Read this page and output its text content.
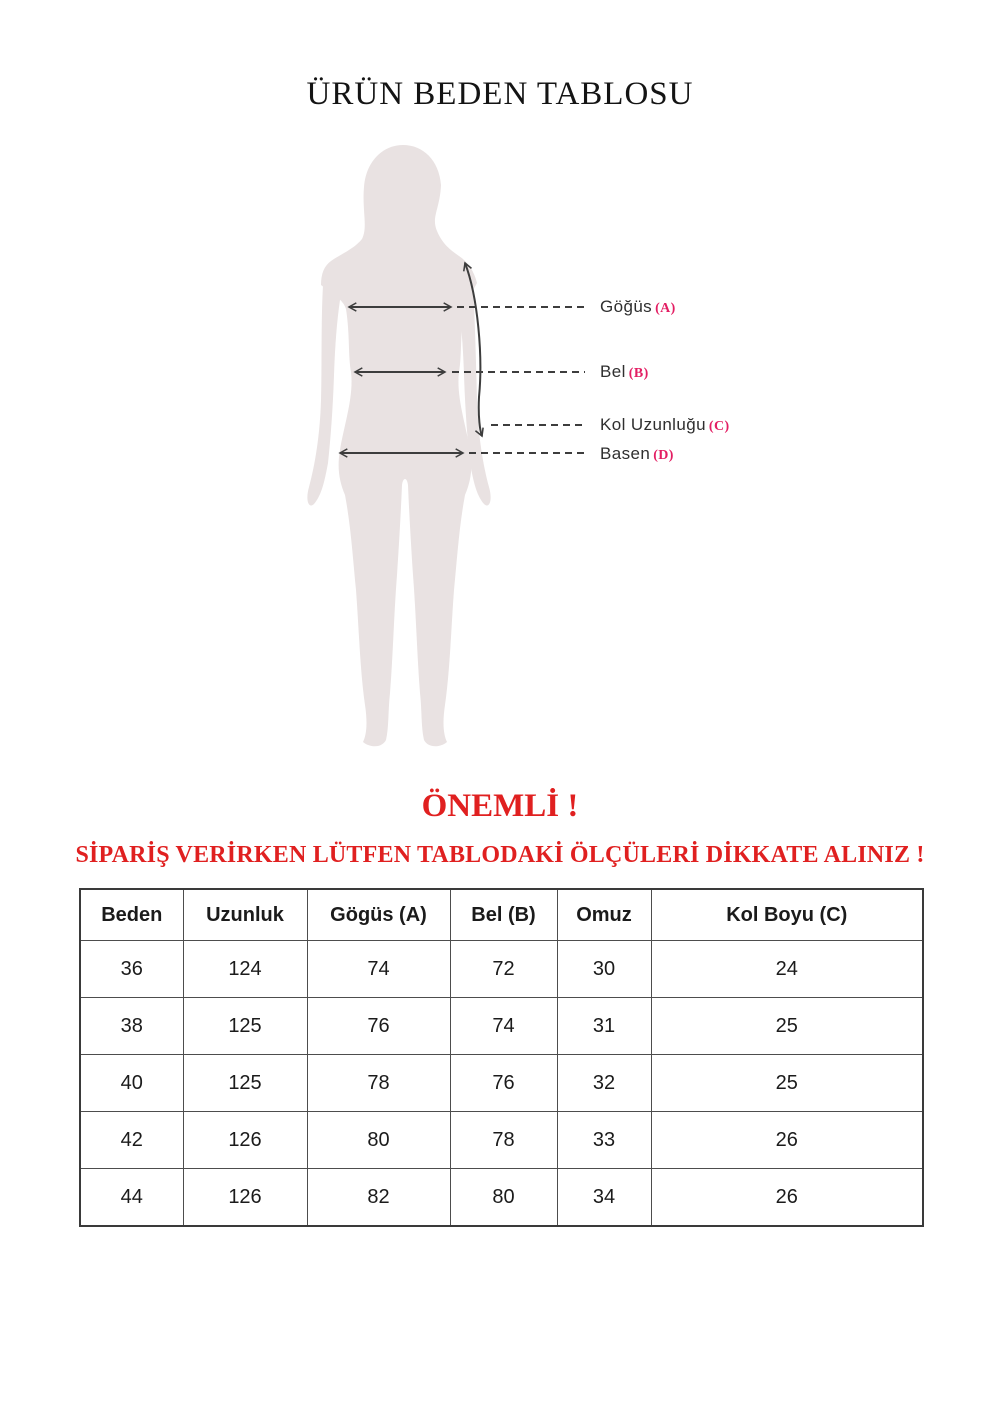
ÜRÜN BEDEN TABLOSU
Göğüs (A)
Bel (B)
Kol Uzunluğu (C)
Basen (D)
ÖNEMLİ !

SİPARİŞ VERİRKEN LÜTFEN TABLODAKİ ÖLÇÜLERİ DİKKATE ALINIZ !

Beden	Uzunluk	Gögüs (A)	Bel (B)	Omuz	Kol Boyu (C)
36	124	74	72	30	24
38	125	76	74	31	25
40	125	78	76	32	25
42	126	80	78	33	26
44	126	82	80	34	26
